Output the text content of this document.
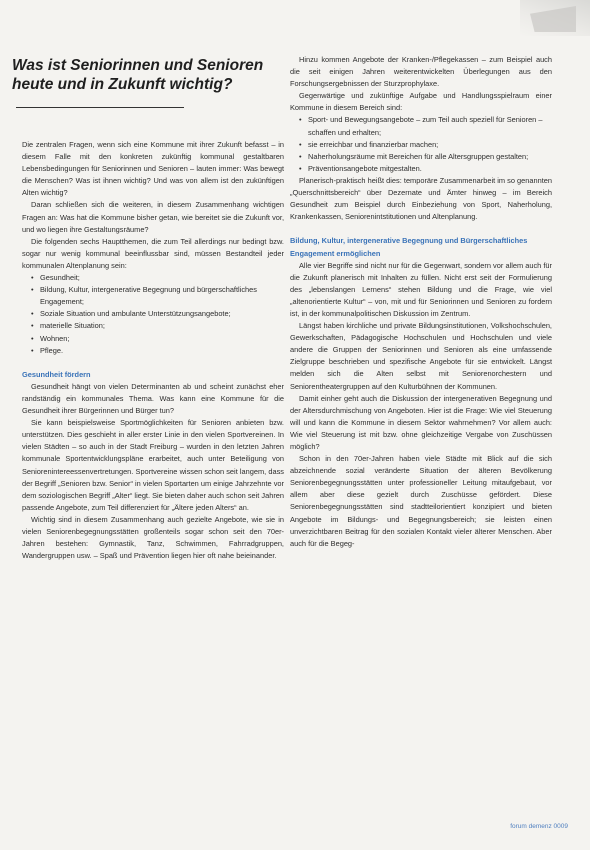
Was ist Seniorinnen und Senioren heute und in Zukunft wichtig?

Die zentralen Fragen, wenn sich eine Kommune mit ihrer Zukunft befasst – in diesem Falle mit den konkreten zukünftig kommunal gestaltbaren Lebensbedingungen für Seniorinnen und Senioren – lauten immer: Was bewegt die Menschen? Was ist ihnen wichtig? Und was von allem ist den zukünftigen Alten wichtig?

Daran schließen sich die weiteren, in diesem Zusammenhang wichtigen Fragen an: Was hat die Kommune bisher getan, wie bereitet sie die Zukunft vor, und wo liegen ihre Gestaltungsräume?

Die folgenden sechs Hauptthemen, die zum Teil allerdings nur bedingt bzw. sogar nur wenig kommunal beeinflussbar sind, müssen Bestandteil jeder kommunalen Altenplanung sein:

• Gesundheit;
• Bildung, Kultur, intergenerative Begegnung und bürgerschaftliches Engagement;
• Soziale Situation und ambulante Unterstützungsangebote;
• materielle Situation;
• Wohnen;
• Pflege.
Gesundheit fördern

Gesundheit hängt von vielen Determinanten ab und scheint zunächst eher randständig ein kommunales Thema. Was kann eine Kommune für die Gesundheit ihrer Bürgerinnen und Bürger tun?

Sie kann beispielsweise Sportmöglichkeiten für Senioren anbieten bzw. unterstützen. Dies geschieht in aller erster Linie in den vielen Sportvereinen. In vielen Städten – so auch in der Stadt Freiburg – wurden in den letzten Jahren kommunale Sportentwicklungspläne erarbeitet, auch unter Beteiligung von Seniorenintereessenvertretungen. Sportvereine wissen schon seit langem, dass der Begriff „Senioren bzw. Senior“ in vielen Sportarten um einige Jahrzehnte vor dem soziologischen Begriff „Alter“ liegt. Sie bieten daher auch schon seit Jahren passende Angebote, zum Teil differenziert für „Ältere jeden Alters“ an.

Wichtig sind in diesem Zusammenhang auch gezielte Angebote, wie sie in vielen Seniorenbegegnungsstätten großenteils sogar schon seit den 70er-Jahren bestehen: Gymnastik, Tanz, Schwimmen, Fahrradgruppen, Wandergruppen usw. – Spaß und Prävention liegen hier oft nahe beieinander.

Hinzu kommen Angebote der Kranken-/Pflegekassen – zum Beispiel auch die seit einigen Jahren weiterentwickelten Überlegungen aus den Forschungsergebnissen der Sturzprophylaxe.

Gegenwärtige und zukünftige Aufgabe und Handlungsspielraum einer Kommune in diesem Bereich sind:

• Sport- und Bewegungsangebote – zum Teil auch speziell für Senioren – schaffen und erhalten;
• sie erreichbar und finanzierbar machen;
• Naherholungsräume mit Bereichen für alle Altersgruppen gestalten;
• Präventionsangebote mitgestalten.

Planerisch-praktisch heißt dies: temporäre Zusammenarbeit im so genannten „Querschnittsbereich“ über Dezernate und Ämter hinweg – im Bereich Gesundheit zum Beispiel durch Einbeziehung von Sport, Naherholung, Krankenkassen, Seniorenintstitutionen und Altenplanung.

Bildung, Kultur, intergenerative Begegnung und Bürgerschaftliches Engagement ermöglichen

Alle vier Begriffe sind nicht nur für die Gegenwart, sondern vor allem auch für die Zukunft planerisch mit Inhalten zu füllen. Nicht erst seit der Formulierung des „lebenslangen Lernens“ stehen Bildung und die Frage, wie viel „altenorientierte Kultur“ – von, mit und für Seniorinnen und Senioren zu fordern ist, in der kommunalpolitischen Diskussion im Zentrum.

Längst haben kirchliche und private Bildungsinstitutionen, Volkshochschulen, Gewerkschaften, Pädagogische Hochschulen und Hochschulen und viele andere die Gruppen der Seniorinnen und Senioren als eine umfassende Zielgruppe beschrieben und spezifische Angebote für sie entwickelt. Längst melden sich die Alten selbst mit Seniorenorchestern und Seniorentheatergruppen auf den Kulturbühnen der Kommunen.

Damit einher geht auch die Diskussion der intergenerativen Begegnung und der Altersdurchmischung von Angeboten. Hier ist die Frage: Wie viel Steuerung will und kann die Kommune in diesem Sektor wahrnehmen? Vor allem auch: Wie viel Steuerung ist mit bzw. ohne gleichzeitige Vergabe von Zuschüssen möglich?

Schon in den 70er-Jahren haben viele Städte mit Blick auf die sich abzeichnende sozial veränderte Situation der älteren Bevölkerung Seniorenbegegnungsstätten unter professioneller Leitung mitaufgebaut, vor allem aber diese gezielt durch Zuschüsse gefördert. Diese Seniorenbegegnungsstätten sind stadtteilorientiert konzipiert und bieten Angebote im Bildungs- und Begegnungsbereich; sie leisten einen unverzichtbaren Beitrag für den sozialen Kontakt vieler älterer Menschen. Aber auch für die Begeg-

forum demenz 0009
